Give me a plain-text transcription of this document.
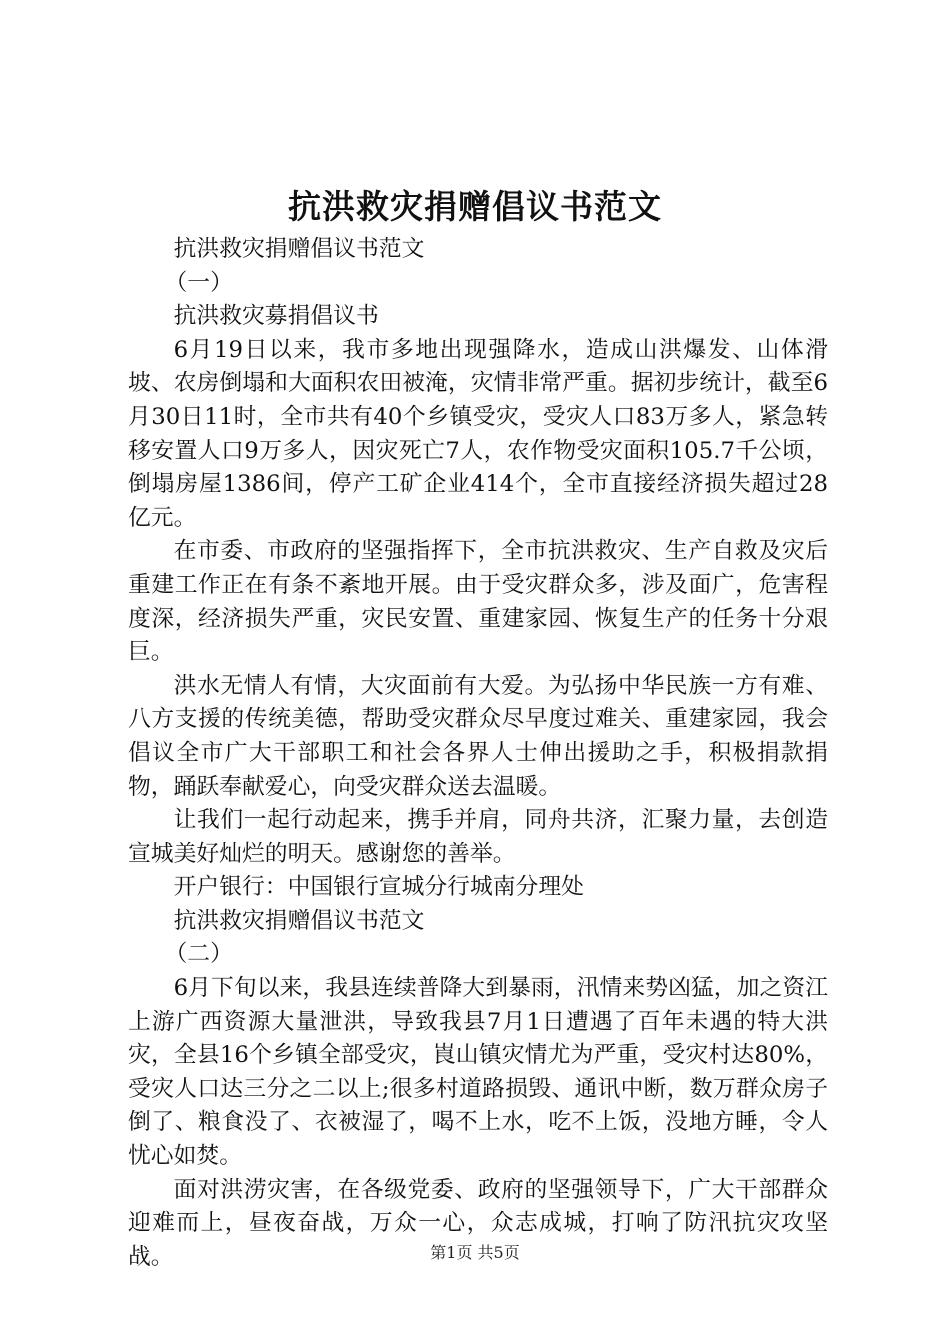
抗洪救灾捐赠倡议书范文

抗洪救灾捐赠倡议书范文

（一）

抗洪救灾募捐倡议书

6月19日以来，我市多地出现强降水，造成山洪爆发、山体滑坡、农房倒塌和大面积农田被淹，灾情非常严重。据初步统计，截至6月30日11时，全市共有40个乡镇受灾，受灾人口83万多人，紧急转移安置人口9万多人，因灾死亡7人，农作物受灾面积105.7千公顷，倒塌房屋1386间，停产工矿企业414个，全市直接经济损失超过28亿元。

在市委、市政府的坚强指挥下，全市抗洪救灾、生产自救及灾后重建工作正在有条不紊地开展。由于受灾群众多，涉及面广，危害程度深，经济损失严重，灾民安置、重建家园、恢复生产的任务十分艰巨。

洪水无情人有情，大灾面前有大爱。为弘扬中华民族一方有难、八方支援的传统美德，帮助受灾群众尽早度过难关、重建家园，我会倡议全市广大干部职工和社会各界人士伸出援助之手，积极捐款捐物，踊跃奉献爱心，向受灾群众送去温暖。

让我们一起行动起来，携手并肩，同舟共济，汇聚力量，去创造宣城美好灿烂的明天。感谢您的善举。

开户银行：中国银行宣城分行城南分理处

抗洪救灾捐赠倡议书范文

（二）

6月下旬以来，我县连续普降大到暴雨，汛情来势凶猛，加之资江上游广西资源大量泄洪，导致我县7月1日遭遇了百年未遇的特大洪灾，全县16个乡镇全部受灾，崀山镇灾情尤为严重，受灾村达80%，受灾人口达三分之二以上;很多村道路损毁、通讯中断，数万群众房子倒了、粮食没了、衣被湿了，喝不上水，吃不上饭，没地方睡，令人忧心如焚。

面对洪涝灾害，在各级党委、政府的坚强领导下，广大干部群众迎难而上，昼夜奋战，万众一心，众志成城，打响了防汛抗灾攻坚战。	第1页 共5页
